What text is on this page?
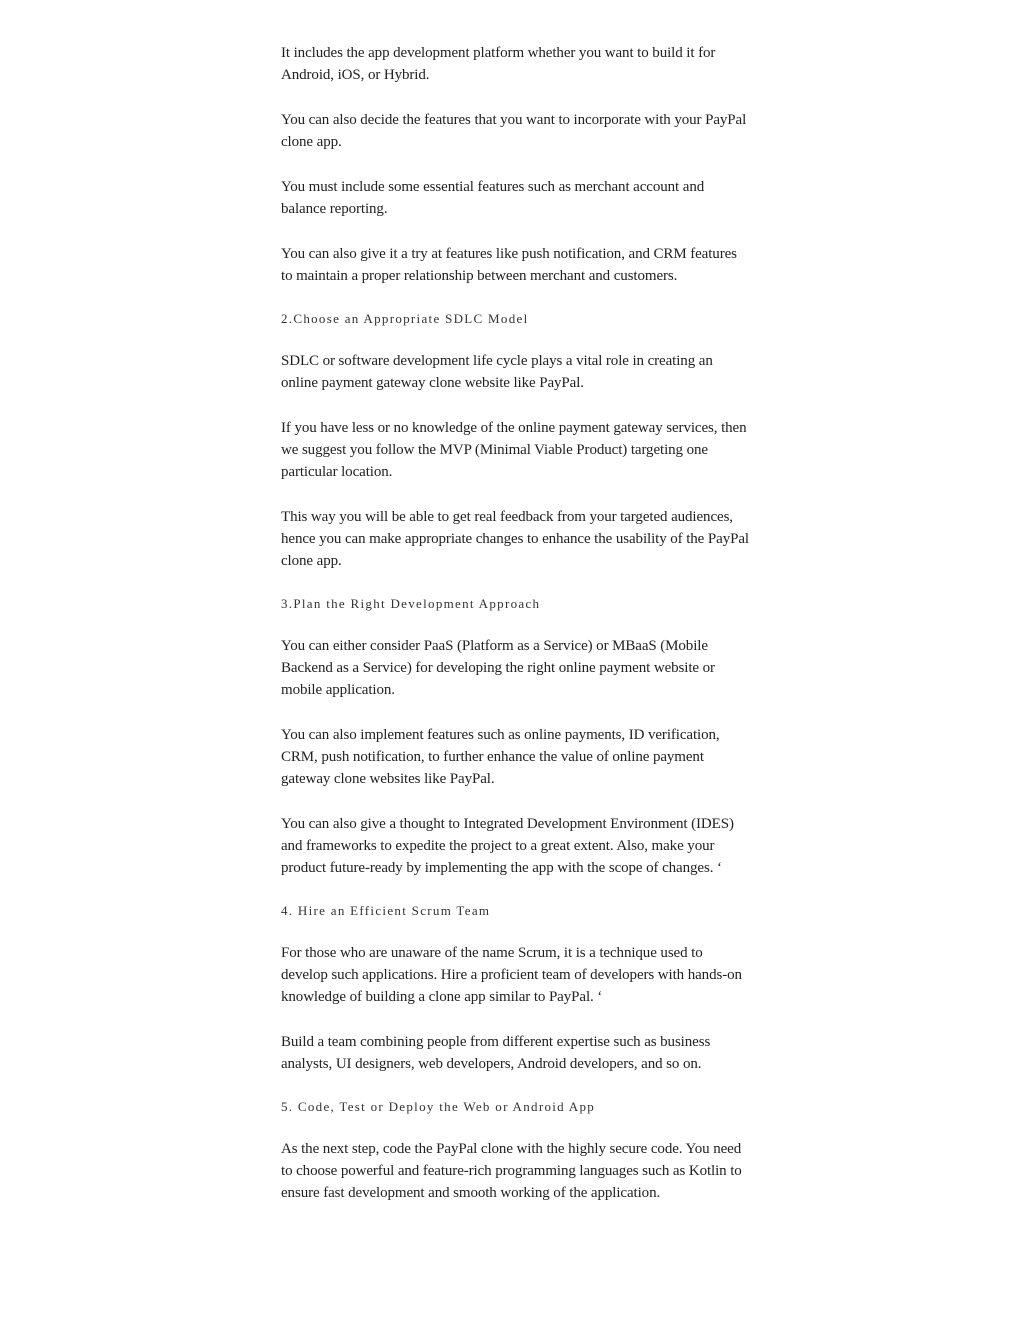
It includes the app development platform whether you want to build it for Android, iOS, or Hybrid.

You can also decide the features that you want to incorporate with your PayPal clone app.

You must include some essential features such as merchant account and balance reporting.

You can also give it a try at features like push notification, and CRM features to maintain a proper relationship between merchant and customers.

2.Choose an Appropriate SDLC Model

SDLC or software development life cycle plays a vital role in creating an online payment gateway clone website like PayPal.

If you have less or no knowledge of the online payment gateway services, then we suggest you follow the MVP (Minimal Viable Product) targeting one particular location.

This way you will be able to get real feedback from your targeted audiences, hence you can make appropriate changes to enhance the usability of the PayPal clone app.

3.Plan the Right Development Approach

You can either consider PaaS (Platform as a Service) or MBaaS (Mobile Backend as a Service) for developing the right online payment website or mobile application.

You can also implement features such as online payments, ID verification, CRM, push notification, to further enhance the value of online payment gateway clone websites like PayPal.

You can also give a thought to Integrated Development Environment (IDES) and frameworks to expedite the project to a great extent. Also, make your product future-ready by implementing the app with the scope of changes. ‘

4. Hire an Efficient Scrum Team

For those who are unaware of the name Scrum, it is a technique used to develop such applications. Hire a proficient team of developers with hands-on knowledge of building a clone app similar to PayPal. ‘

Build a team combining people from different expertise such as business analysts, UI designers, web developers, Android developers, and so on.

5. Code, Test or Deploy the Web or Android App

As the next step, code the PayPal clone with the highly secure code. You need to choose powerful and feature-rich programming languages such as Kotlin to ensure fast development and smooth working of the application.
